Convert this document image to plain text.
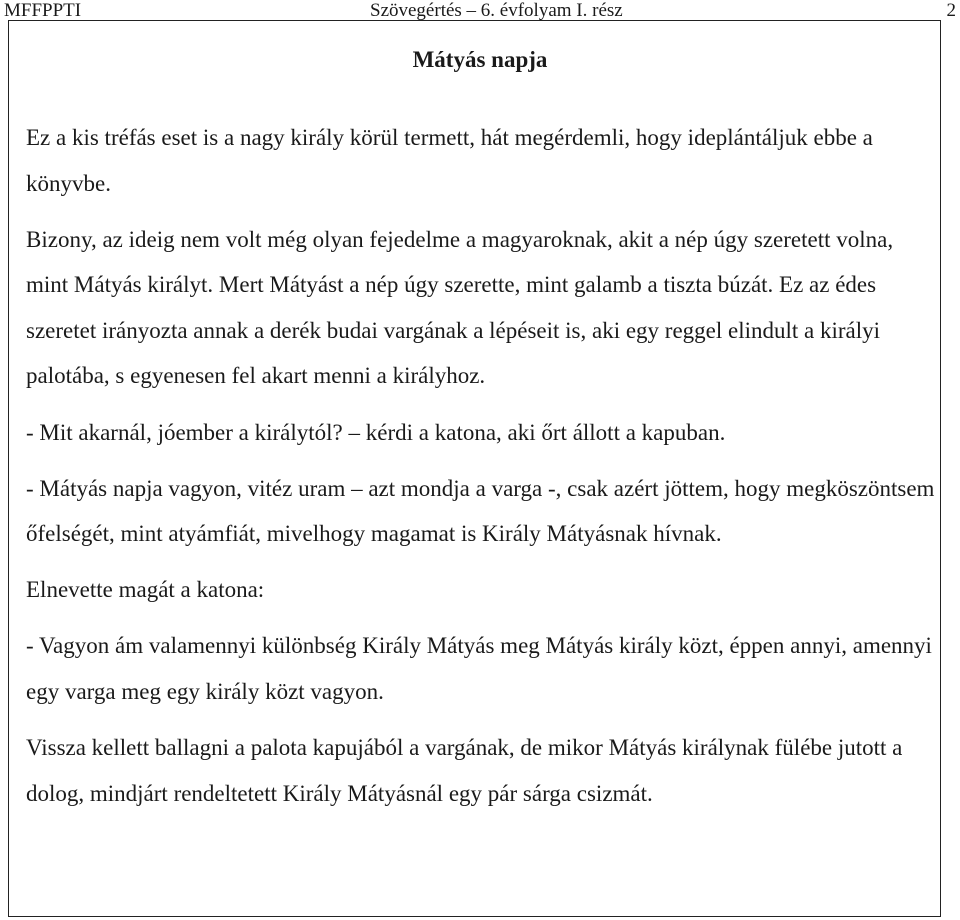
MFFPPTI	Szövegértés – 6. évfolyam I. rész	2
Mátyás napja

Ez a kis tréfás eset is a nagy király körül termett, hát megérdemli, hogy ideplántáljuk ebbe a könyvbe.

Bizony, az ideig nem volt még olyan fejedelme a magyaroknak, akit a nép úgy szeretett volna, mint Mátyás királyt. Mert Mátyást a nép úgy szerette, mint galamb a tiszta búzát. Ez az édes szeretet irányozta annak a derék budai vargának a lépéseit is, aki egy reggel elindult a királyi palotába, s egyenesen fel akart menni a királyhoz.

- Mit akarnál, jóember a királytól? – kérdi a katona, aki őrt állott a kapuban.

- Mátyás napja vagyon, vitéz uram – azt mondja a varga -, csak azért jöttem, hogy megköszöntsem őfelségét, mint atyámfiát, mivelhogy magamat is Király Mátyásnak hívnak.

Elnevette magát a katona:

- Vagyon ám valamennyi különbség Király Mátyás meg Mátyás király közt, éppen annyi, amennyi egy varga meg egy király közt vagyon.

Vissza kellett ballagni a palota kapujából a vargának, de mikor Mátyás királynak fülébe jutott a dolog, mindjárt rendeltetett Király Mátyásnál egy pár sárga csizmát.
